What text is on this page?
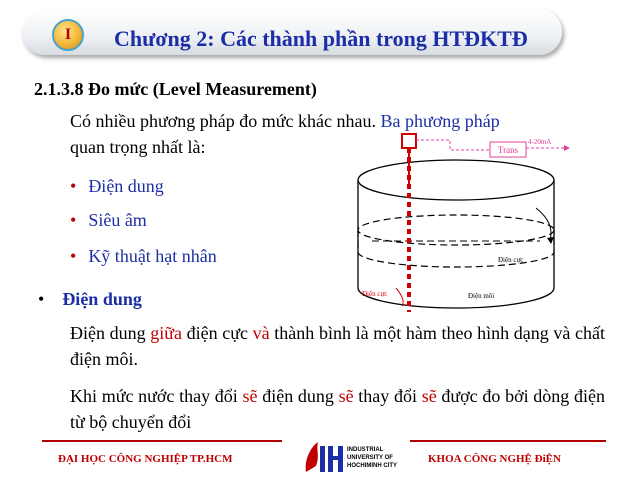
I	Chương 2: Các thành phần trong HTĐKTĐ
2.1.3.8 Đo mức (Level Measurement)
Có nhiều phương pháp đo mức khác nhau. Ba phương pháp
quan trọng nhất là:
• Điện dung
• Siêu âm
• Kỹ thuật hạt nhân
• Điện dung
Điện dung giữa điện cực và thành bình là một hàm theo hình dạng và chất điện môi.
Khi mức nước thay đổi sẽ điện dung sẽ thay đổi sẽ được đo bởi dòng điện từ bộ chuyển đổi
Trans
4-20mA
Điện cực
Điện cực	Điện môi
ĐẠI HỌC CÔNG NGHIỆP TP.HCM	KHOA CÔNG NGHỆ ĐiỆN
INDUSTRIAL
UNIVERSITY OF
HOCHIMINH CITY
